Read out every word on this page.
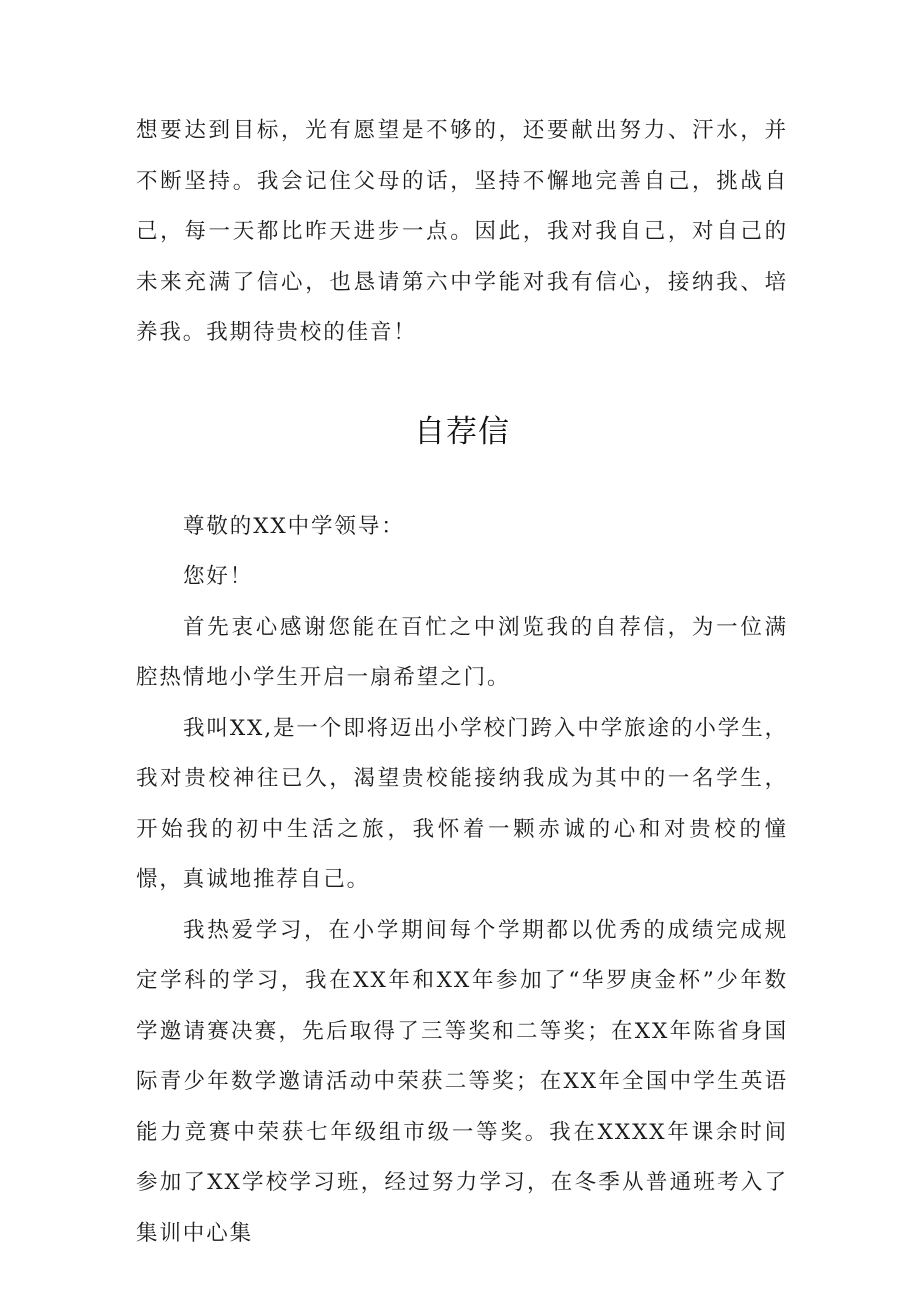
想要达到目标，光有愿望是不够的，还要献出努力、汗水，并不断坚持。我会记住父母的话，坚持不懈地完善自己，挑战自己，每一天都比昨天进步一点。因此，我对我自己，对自己的未来充满了信心，也恳请第六中学能对我有信心，接纳我、培养我。我期待贵校的佳音！

自荐信

尊敬的XX中学领导：

您好！

首先衷心感谢您能在百忙之中浏览我的自荐信，为一位满腔热情地小学生开启一扇希望之门。

我叫XX,是一个即将迈出小学校门跨入中学旅途的小学生，我对贵校神往已久，渴望贵校能接纳我成为其中的一名学生，开始我的初中生活之旅，我怀着一颗赤诚的心和对贵校的憧憬，真诚地推荐自己。

我热爱学习，在小学期间每个学期都以优秀的成绩完成规定学科的学习，我在XX年和XX年参加了“华罗庚金杯”少年数学邀请赛决赛，先后取得了三等奖和二等奖；在XX年陈省身国际青少年数学邀请活动中荣获二等奖；在XX年全国中学生英语能力竞赛中荣获七年级组市级一等奖。我在XXXX年课余时间参加了XX学校学习班，经过努力学习，在冬季从普通班考入了集训中心集
